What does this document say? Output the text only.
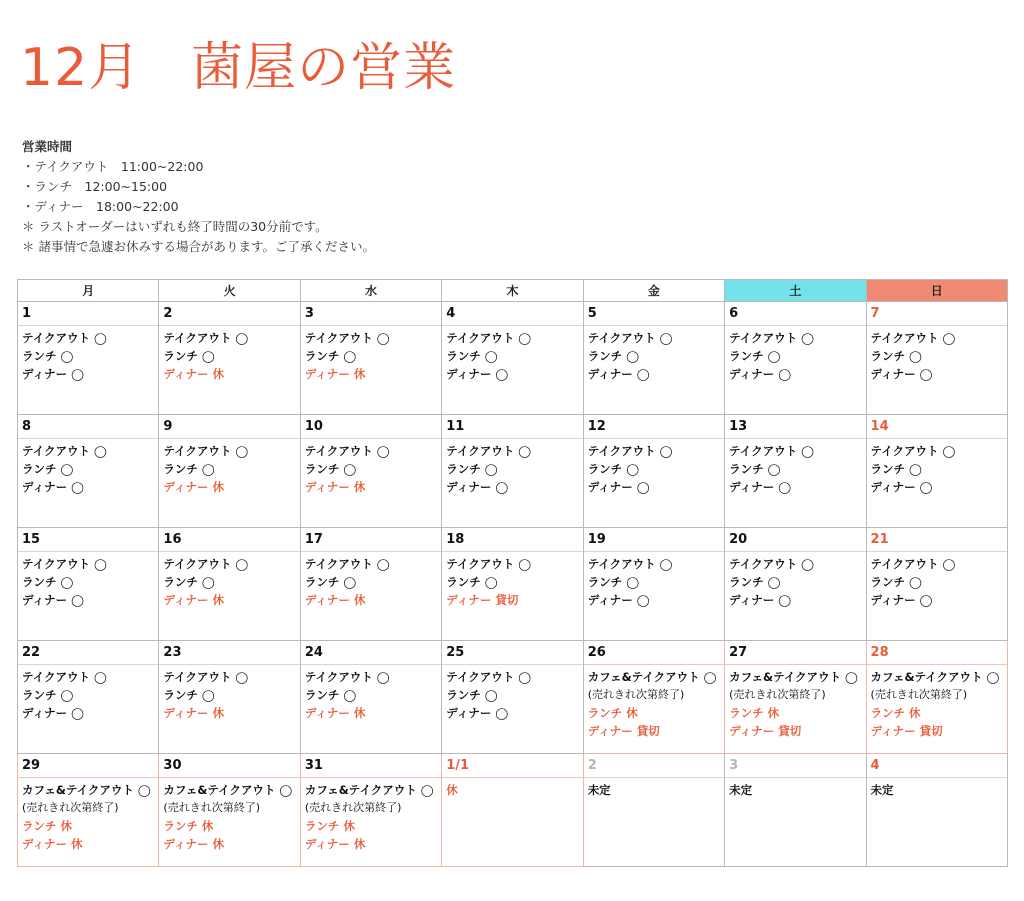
12月 菌屋の営業
営業時間
・テイクアウト　11:00~22:00
・ランチ　12:00~15:00
・ディナー　18:00~22:00
＊ ラストオーダーはいずれも終了時間の30分前です。
＊ 諸事情で急遽お休みする場合があります。ご了承ください。
月	火	水	木	金	土	日

1
テイクアウト ◯
ランチ ◯
ディナー ◯	2
テイクアウト ◯
ランチ ◯
ディナー 休	3
テイクアウト ◯
ランチ ◯
ディナー 休	4
テイクアウト ◯
ランチ ◯
ディナー ◯	5
テイクアウト ◯
ランチ ◯
ディナー ◯	6
テイクアウト ◯
ランチ ◯
ディナー ◯	7
テイクアウト ◯
ランチ ◯
ディナー ◯

8
テイクアウト ◯
ランチ ◯
ディナー ◯	9
テイクアウト ◯
ランチ ◯
ディナー 休	10
テイクアウト ◯
ランチ ◯
ディナー 休	11
テイクアウト ◯
ランチ ◯
ディナー ◯	12
テイクアウト ◯
ランチ ◯
ディナー ◯	13
テイクアウト ◯
ランチ ◯
ディナー ◯	14
テイクアウト ◯
ランチ ◯
ディナー ◯

15
テイクアウト ◯
ランチ ◯
ディナー ◯	16
テイクアウト ◯
ランチ ◯
ディナー 休	17
テイクアウト ◯
ランチ ◯
ディナー 休	18
テイクアウト ◯
ランチ ◯
ディナー 貸切	19
テイクアウト ◯
ランチ ◯
ディナー ◯	20
テイクアウト ◯
ランチ ◯
ディナー ◯	21
テイクアウト ◯
ランチ ◯
ディナー ◯

22
テイクアウト ◯
ランチ ◯
ディナー ◯	23
テイクアウト ◯
ランチ ◯
ディナー 休	24
テイクアウト ◯
ランチ ◯
ディナー 休	25
テイクアウト ◯
ランチ ◯
ディナー ◯	26
カフェ&テイクアウト ◯
(売れきれ次第終了)
ランチ 休
ディナー 貸切	27
カフェ&テイクアウト ◯
(売れきれ次第終了)
ランチ 休
ディナー 貸切	28
カフェ&テイクアウト ◯
(売れきれ次第終了)
ランチ 休
ディナー 貸切

29
カフェ&テイクアウト ◯
(売れきれ次第終了)
ランチ 休
ディナー 休	30
カフェ&テイクアウト ◯
(売れきれ次第終了)
ランチ 休
ディナー 休	31
カフェ&テイクアウト ◯
(売れきれ次第終了)
ランチ 休
ディナー 休	1/1
休	2
未定	3
未定	4
未定
